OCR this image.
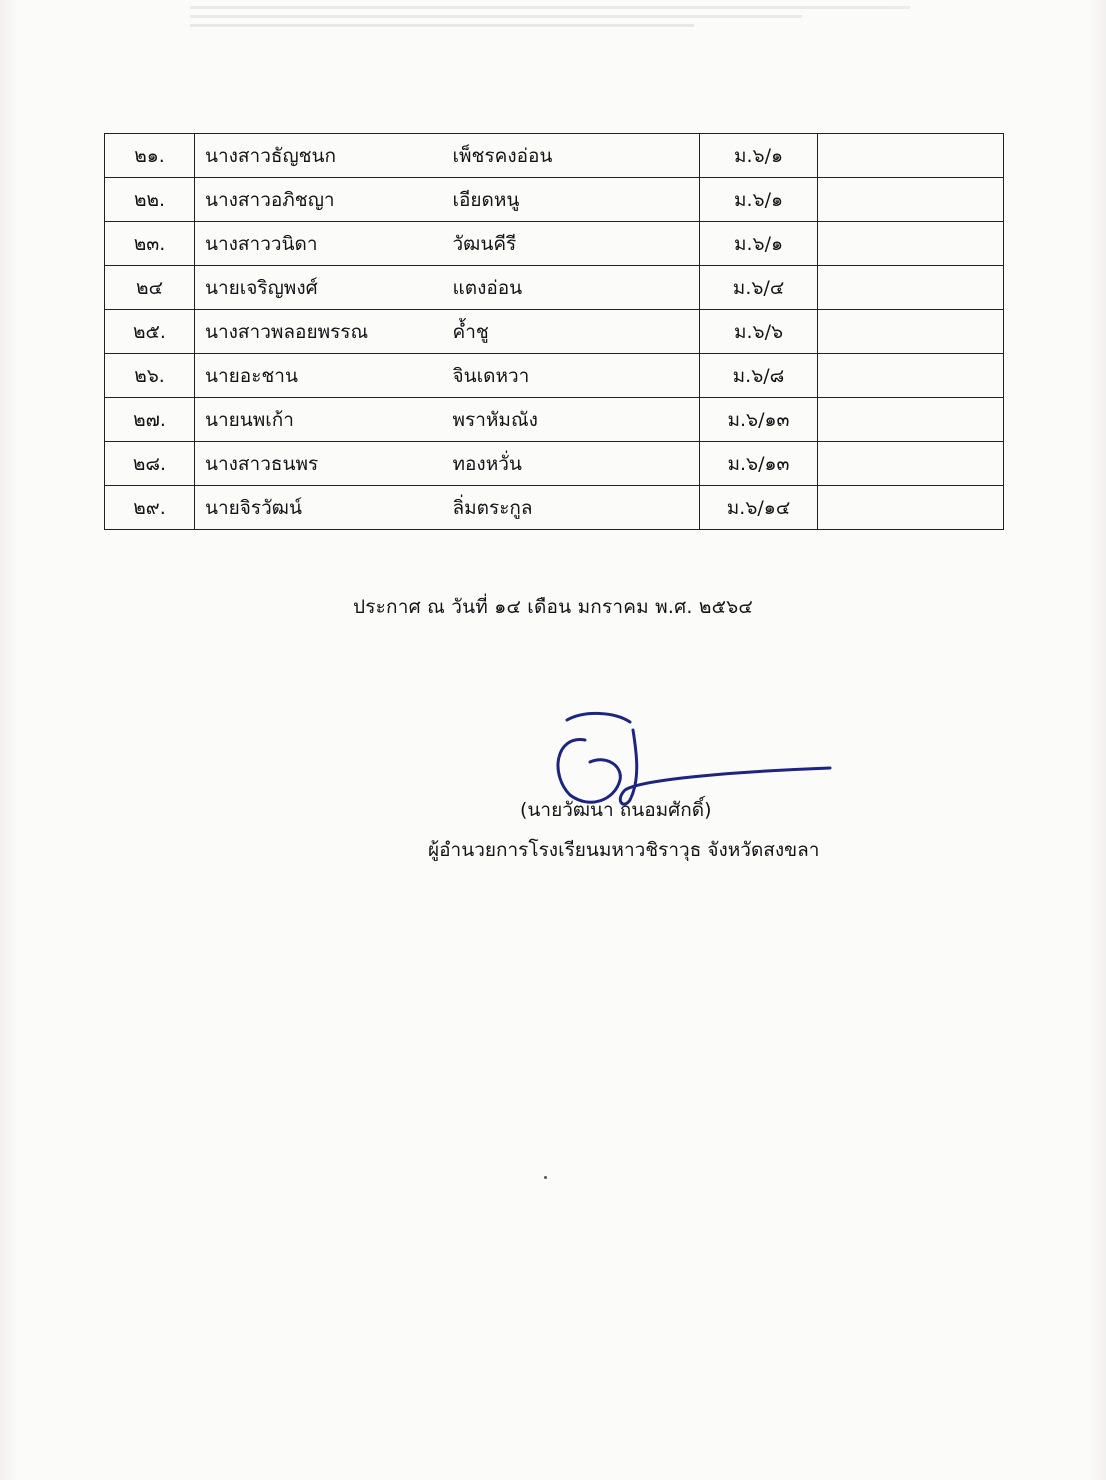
๒๑.	นางสาวธัญชนก	เพ็ชรคงอ่อน	ม.๖/๑	
๒๒.	นางสาวอภิชญา	เอียดหนู	ม.๖/๑	
๒๓.	นางสาววนิดา	วัฒนคีรี	ม.๖/๑	
๒๔	นายเจริญพงศ์	แตงอ่อน	ม.๖/๔	
๒๕.	นางสาวพลอยพรรณ	ค้ำชู	ม.๖/๖	
๒๖.	นายอะชาน	จินเดหวา	ม.๖/๘	
๒๗.	นายนพเก้า	พราหัมณัง	ม.๖/๑๓	
๒๘.	นางสาวธนพร	ทองหวั่น	ม.๖/๑๓	
๒๙.	นายจิรวัฒน์	ลิ่มตระกูล	ม.๖/๑๔	
ประกาศ ณ วันที่ ๑๔ เดือน มกราคม พ.ศ. ๒๕๖๔
(นายวัฒนา ถนอมศักดิ์)
ผู้อำนวยการโรงเรียนมหาวชิราวุธ จังหวัดสงขลา
